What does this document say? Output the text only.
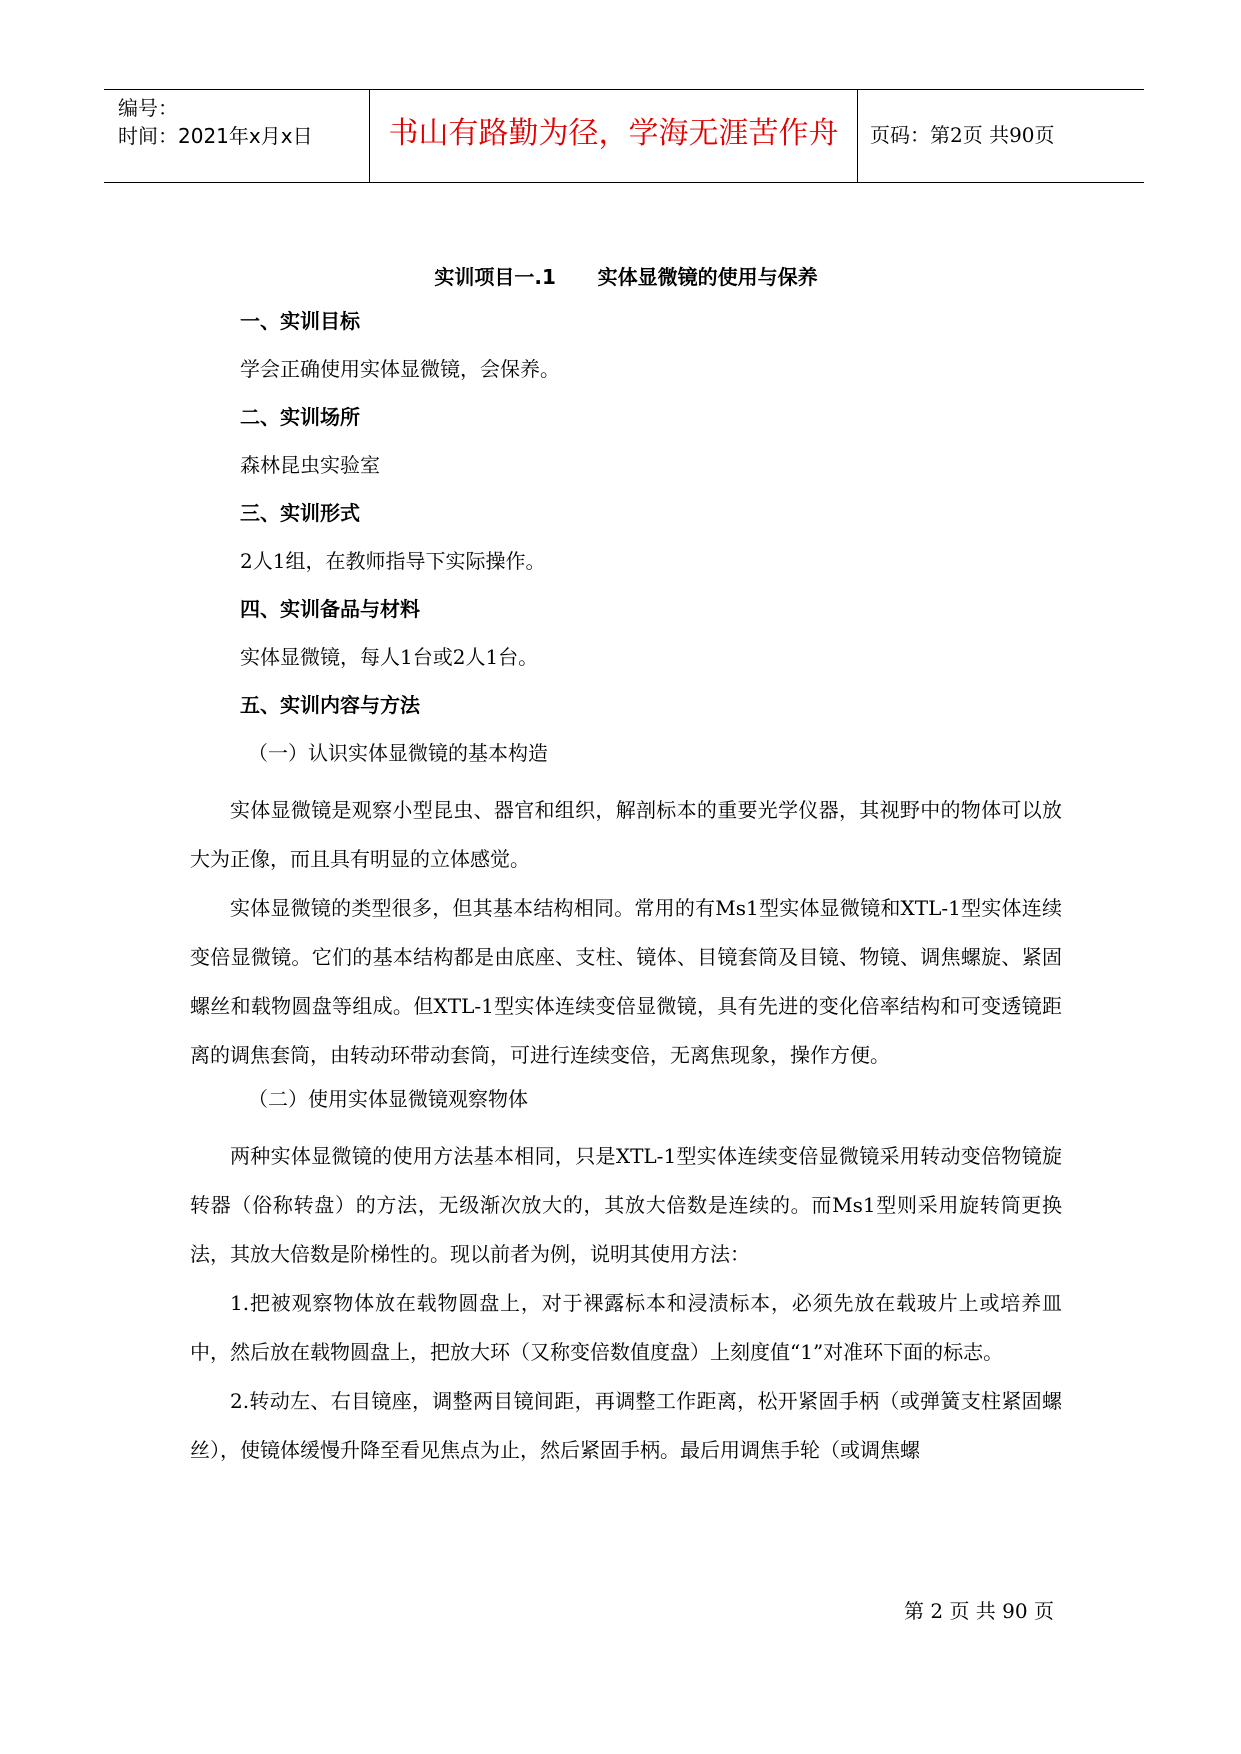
编号：
时间：2021年x月x日	书山有路勤为径，学海无涯苦作舟	页码：第2页 共90页
实训项目一.1      实体显微镜的使用与保养
一、实训目标
学会正确使用实体显微镜，会保养。
二、实训场所
森林昆虫实验室
三、实训形式
2人1组，在教师指导下实际操作。
四、实训备品与材料
实体显微镜，每人1台或2人1台。
五、实训内容与方法
（一）认识实体显微镜的基本构造

实体显微镜是观察小型昆虫、器官和组织，解剖标本的重要光学仪器，其视野中的物体可以放大为正像，而且具有明显的立体感觉。

实体显微镜的类型很多，但其基本结构相同。常用的有Ms1型实体显微镜和XTL-1型实体连续变倍显微镜。它们的基本结构都是由底座、支柱、镜体、目镜套筒及目镜、物镜、调焦螺旋、紧固螺丝和载物圆盘等组成。但XTL-1型实体连续变倍显微镜，具有先进的变化倍率结构和可变透镜距离的调焦套筒，由转动环带动套筒，可进行连续变倍，无离焦现象，操作方便。

（二）使用实体显微镜观察物体

两种实体显微镜的使用方法基本相同，只是XTL-1型实体连续变倍显微镜采用转动变倍物镜旋转器（俗称转盘）的方法，无级渐次放大的，其放大倍数是连续的。而Ms1型则采用旋转筒更换法，其放大倍数是阶梯性的。现以前者为例，说明其使用方法：

1.把被观察物体放在载物圆盘上，对于裸露标本和浸渍标本，必须先放在载玻片上或培养皿中，然后放在载物圆盘上，把放大环（又称变倍数值度盘）上刻度值“1”对准环下面的标志。

2.转动左、右目镜座，调整两目镜间距，再调整工作距离，松开紧固手柄（或弹簧支柱紧固螺丝），使镜体缓慢升降至看见焦点为止，然后紧固手柄。最后用调焦手轮（或调焦螺

第 2 页 共 90 页
